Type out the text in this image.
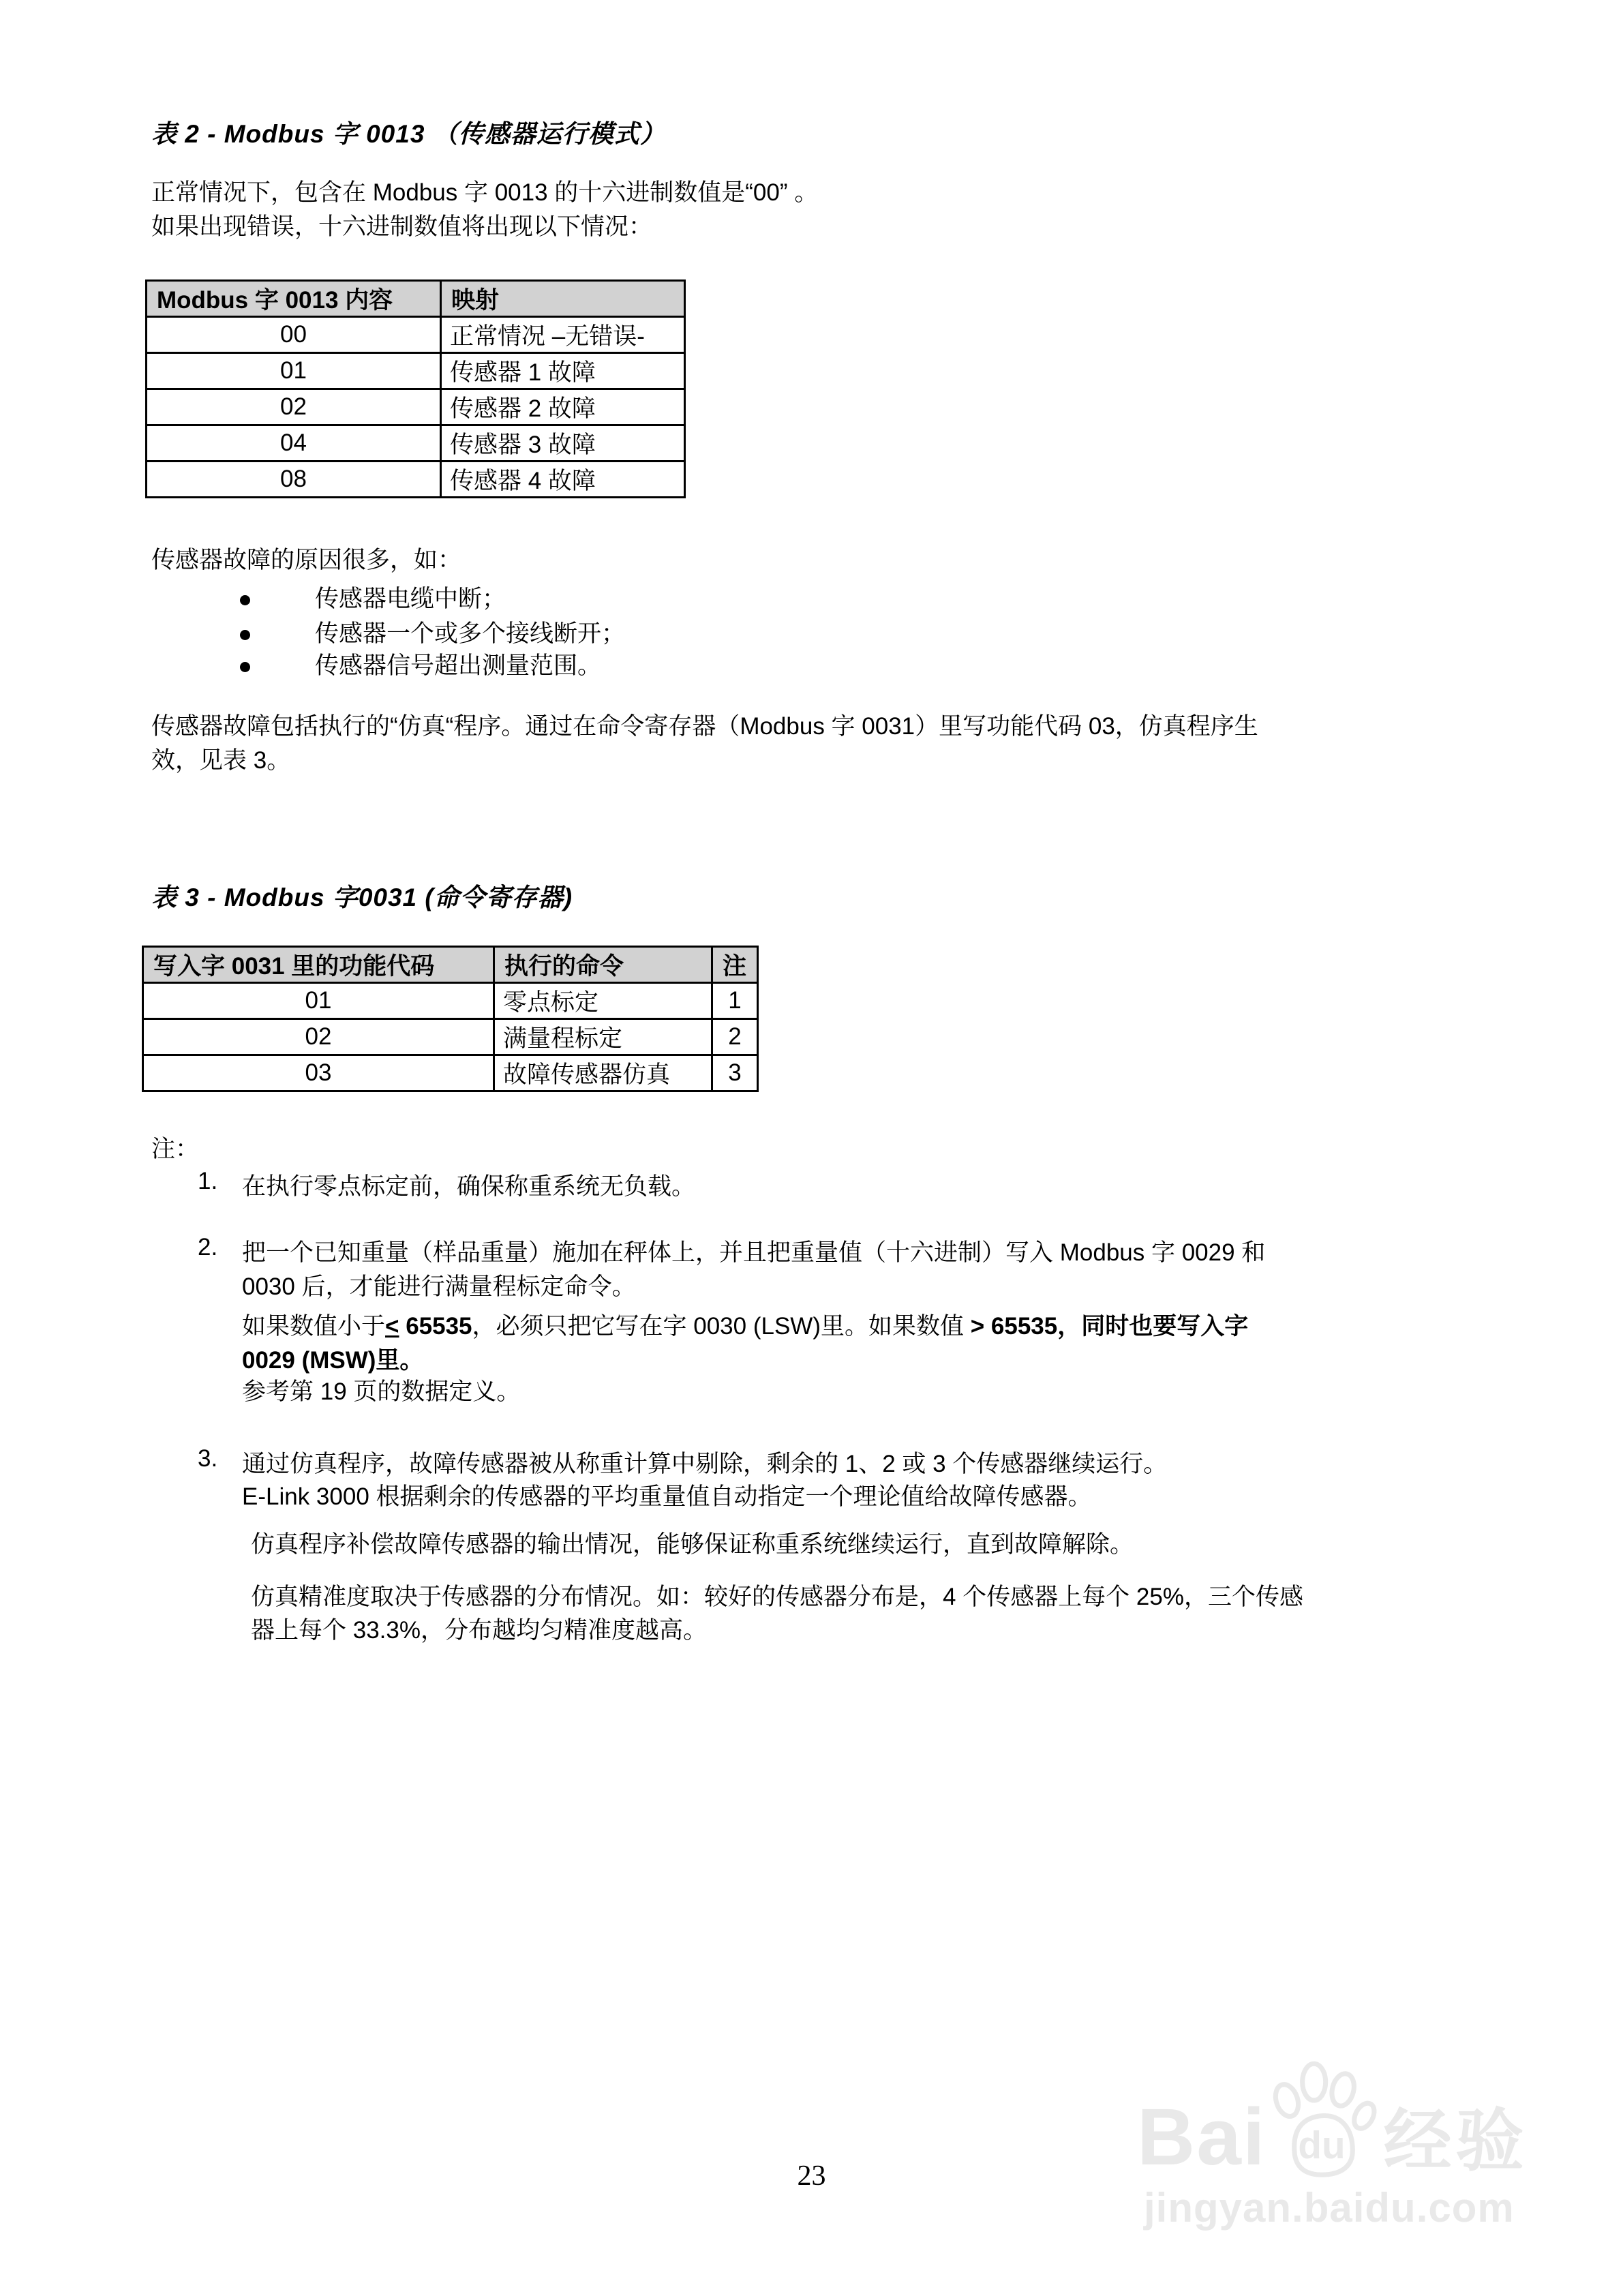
表 2 - Modbus 字 0013 （传感器运行模式）
正常情况下，包含在 Modbus 字 0013 的十六进制数值是“00” 。
如果出现错误，十六进制数值将出现以下情况：
Modbus 字 0013 内容	映射
00	正常情况 –无错误-
01	传感器 1 故障
02	传感器 2 故障
04	传感器 3 故障
08	传感器 4 故障
传感器故障的原因很多，如：
传感器电缆中断；
传感器一个或多个接线断开；
传感器信号超出测量范围。
传感器故障包括执行的“仿真“程序。通过在命令寄存器（Modbus 字 0031）里写功能代码 03，仿真程序生
效，见表 3。
表 3 - Modbus 字0031 (命令寄存器)
写入字 0031 里的功能代码	执行的命令	注
01	零点标定	1
02	满量程标定	2
03	故障传感器仿真	3
注：
1. 在执行零点标定前，确保称重系统无负载。
2. 把一个已知重量（样品重量）施加在秤体上，并且把重量值（十六进制）写入 Modbus 字 0029 和
0030 后，才能进行满量程标定命令。
如果数值小于< 65535，必须只把它写在字 0030 (LSW)里。如果数值 > 65535，同时也要写入字
0029 (MSW)里。
参考第 19 页的数据定义。
3. 通过仿真程序，故障传感器被从称重计算中剔除，剩余的 1、2 或 3 个传感器继续运行。
E-Link 3000 根据剩余的传感器的平均重量值自动指定一个理论值给故障传感器。
仿真程序补偿故障传感器的输出情况，能够保证称重系统继续运行，直到故障解除。
仿真精准度取决于传感器的分布情况。如：较好的传感器分布是，4 个传感器上每个 25%，三个传感
器上每个 33.3%，分布越均匀精准度越高。
23	Bai du 经验
jingyan.baidu.com
